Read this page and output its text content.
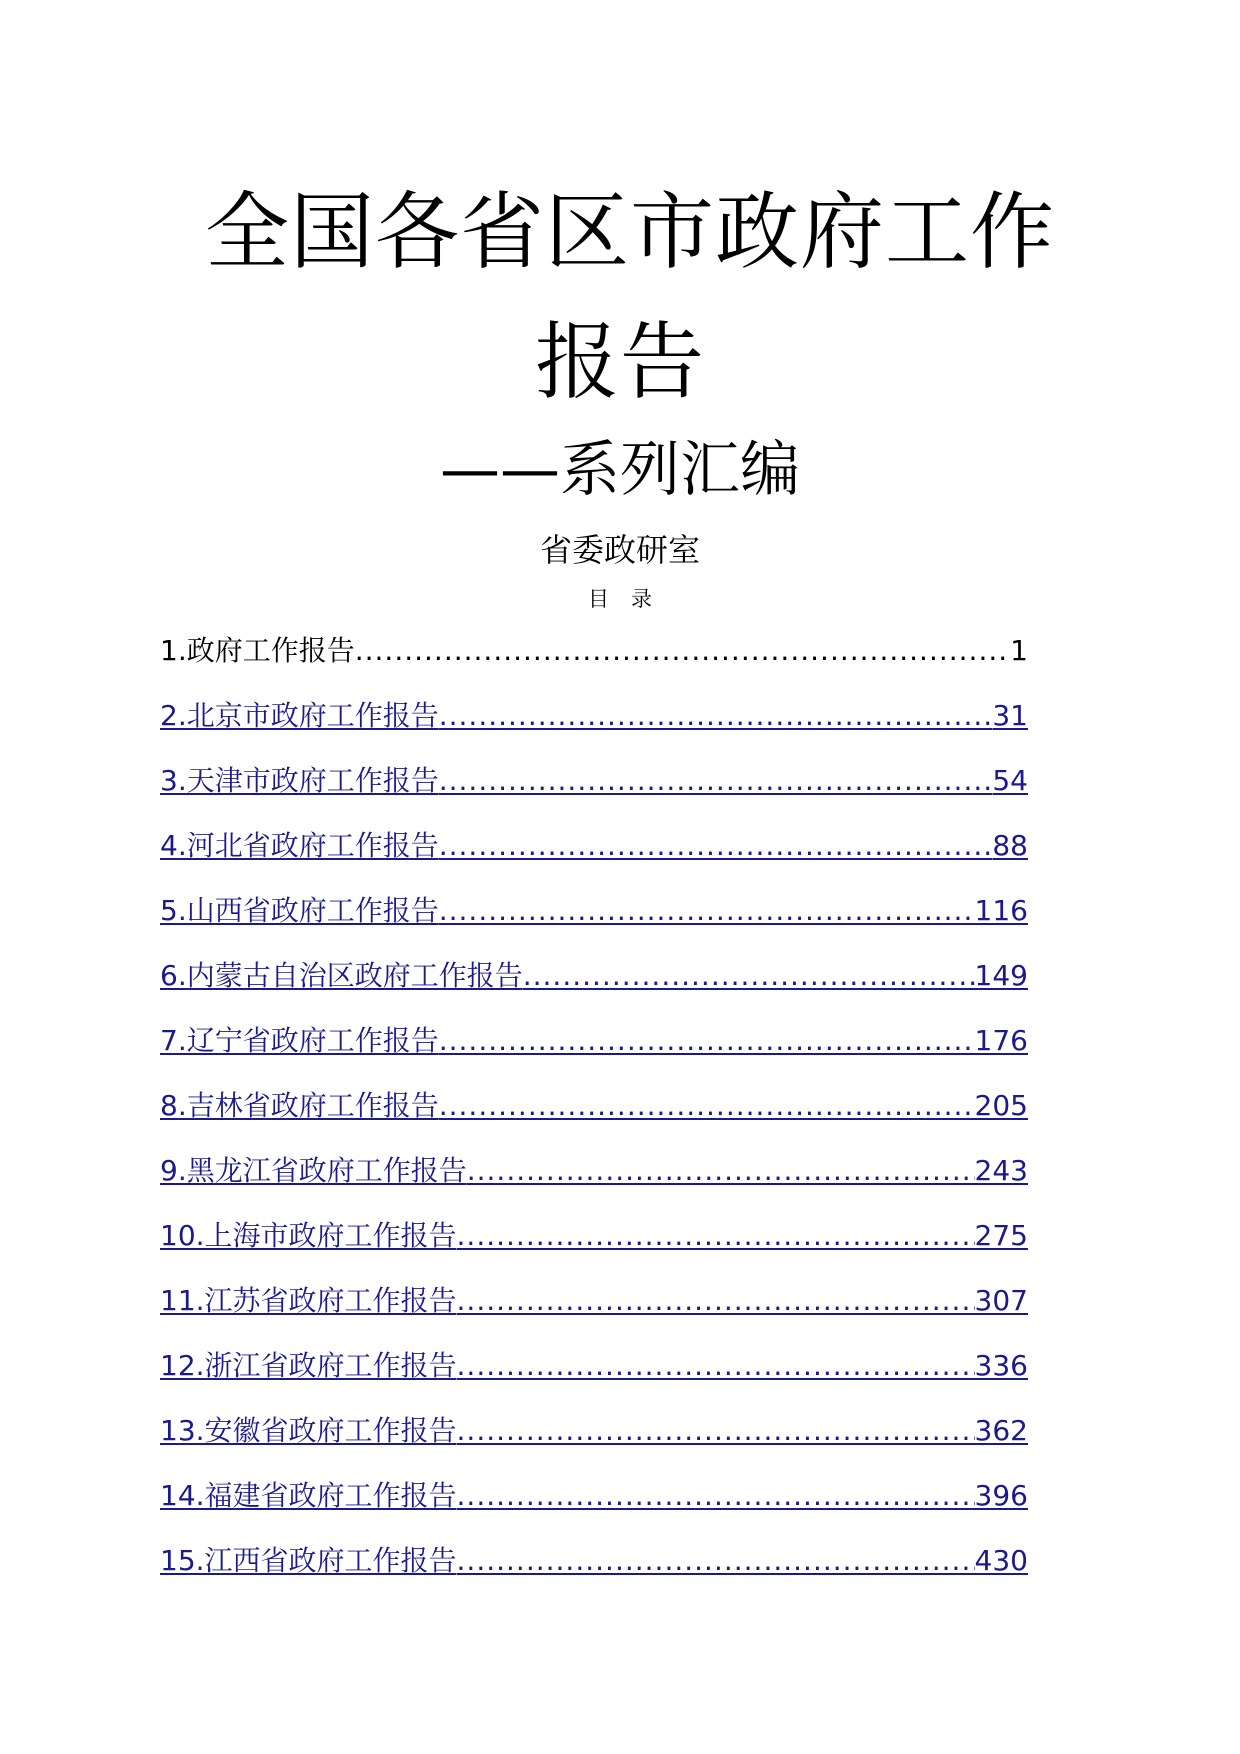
全国各省区市政府工作
报告
——系列汇编
省委政研室
目录
1.政府工作报告 .....	1
2.北京市政府工作报告 .....	31
3.天津市政府工作报告 .....	54
4.河北省政府工作报告 .....	88
5.山西省政府工作报告 .....	116
6.内蒙古自治区政府工作报告 .....	149
7.辽宁省政府工作报告 .....	176
8.吉林省政府工作报告 .....	205
9.黑龙江省政府工作报告 .....	243
10.上海市政府工作报告 .....	275
11.江苏省政府工作报告 .....	307
12.浙江省政府工作报告 .....	336
13.安徽省政府工作报告 .....	362
14.福建省政府工作报告 .....	396
15.江西省政府工作报告 .....	430
